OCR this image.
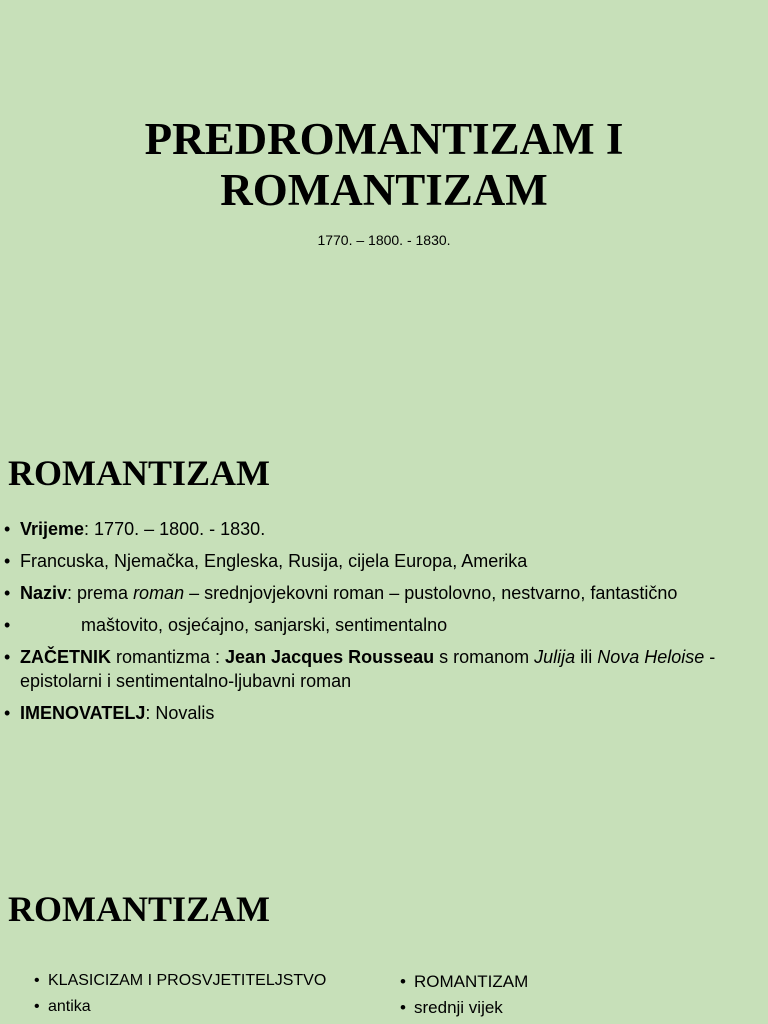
PREDROMANTIZAM I
ROMANTIZAM
1770. – 1800. - 1830.
ROMANTIZAM
• Vrijeme: 1770. – 1800. - 1830.
• Francuska, Njemačka, Engleska, Rusija, cijela Europa, Amerika
• Naziv: prema roman – srednjovjekovni roman – pustolovno, nestvarno, fantastično
• maštovito, osjećajno, sanjarski, sentimentalno
• ZAČETNIK romantizma : Jean Jacques Rousseau s romanom Julija ili Nova Heloise - epistolarni i sentimentalno-ljubavni roman
• IMENOVATELJ: Novalis
ROMANTIZAM
• KLASICIZAM I PROSVJETITELJSTVO
• antika
• ROMANTIZAM
• srednji vijek
